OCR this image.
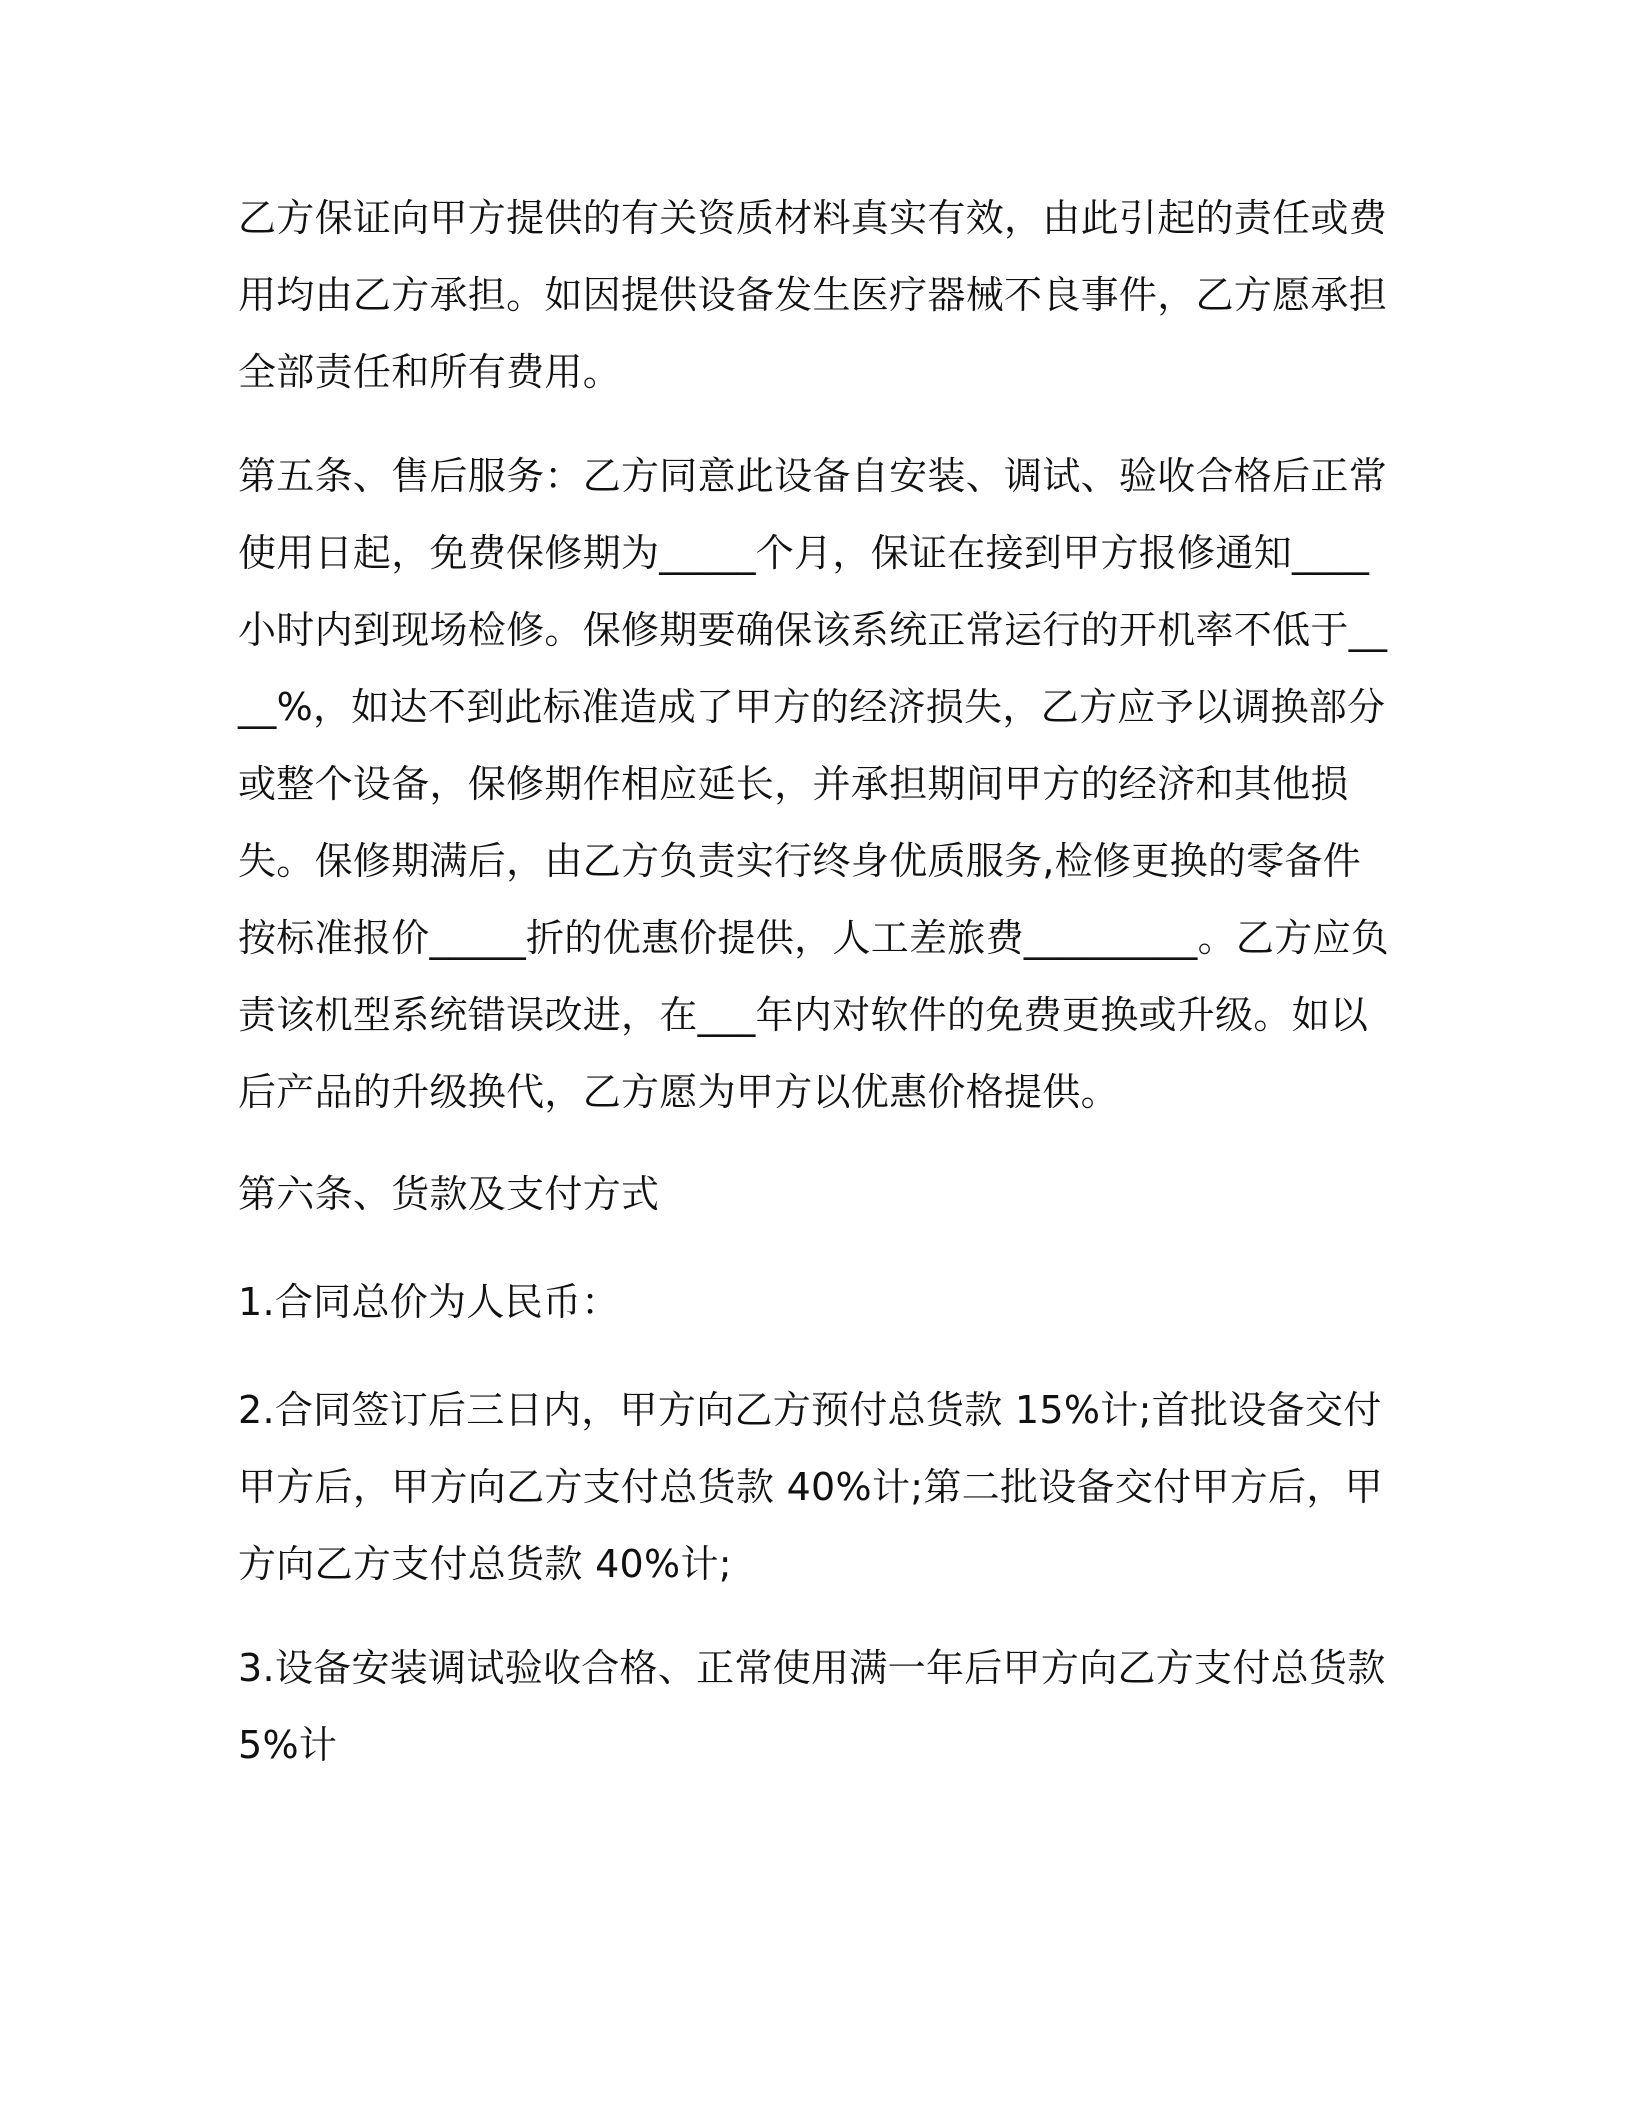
乙方保证向甲方提供的有关资质材料真实有效，由此引起的责任或费用均由乙方承担。如因提供设备发生医疗器械不良事件，乙方愿承担全部责任和所有费用。

第五条、售后服务：乙方同意此设备自安装、调试、验收合格后正常使用日起，免费保修期为_____个月，保证在接到甲方报修通知____小时内到现场检修。保修期要确保该系统正常运行的开机率不低于____%，如达不到此标准造成了甲方的经济损失，乙方应予以调换部分或整个设备，保修期作相应延长，并承担期间甲方的经济和其他损失。保修期满后，由乙方负责实行终身优质服务,检修更换的零备件按标准报价_____折的优惠价提供，人工差旅费_________。乙方应负责该机型系统错误改进，在___年内对软件的免费更换或升级。如以后产品的升级换代，乙方愿为甲方以优惠价格提供。

第六条、货款及支付方式

1.合同总价为人民币：

2.合同签订后三日内，甲方向乙方预付总货款 15%计;首批设备交付甲方后，甲方向乙方支付总货款 40%计;第二批设备交付甲方后，甲方向乙方支付总货款 40%计;

3.设备安装调试验收合格、正常使用满一年后甲方向乙方支付总货款 5%计
